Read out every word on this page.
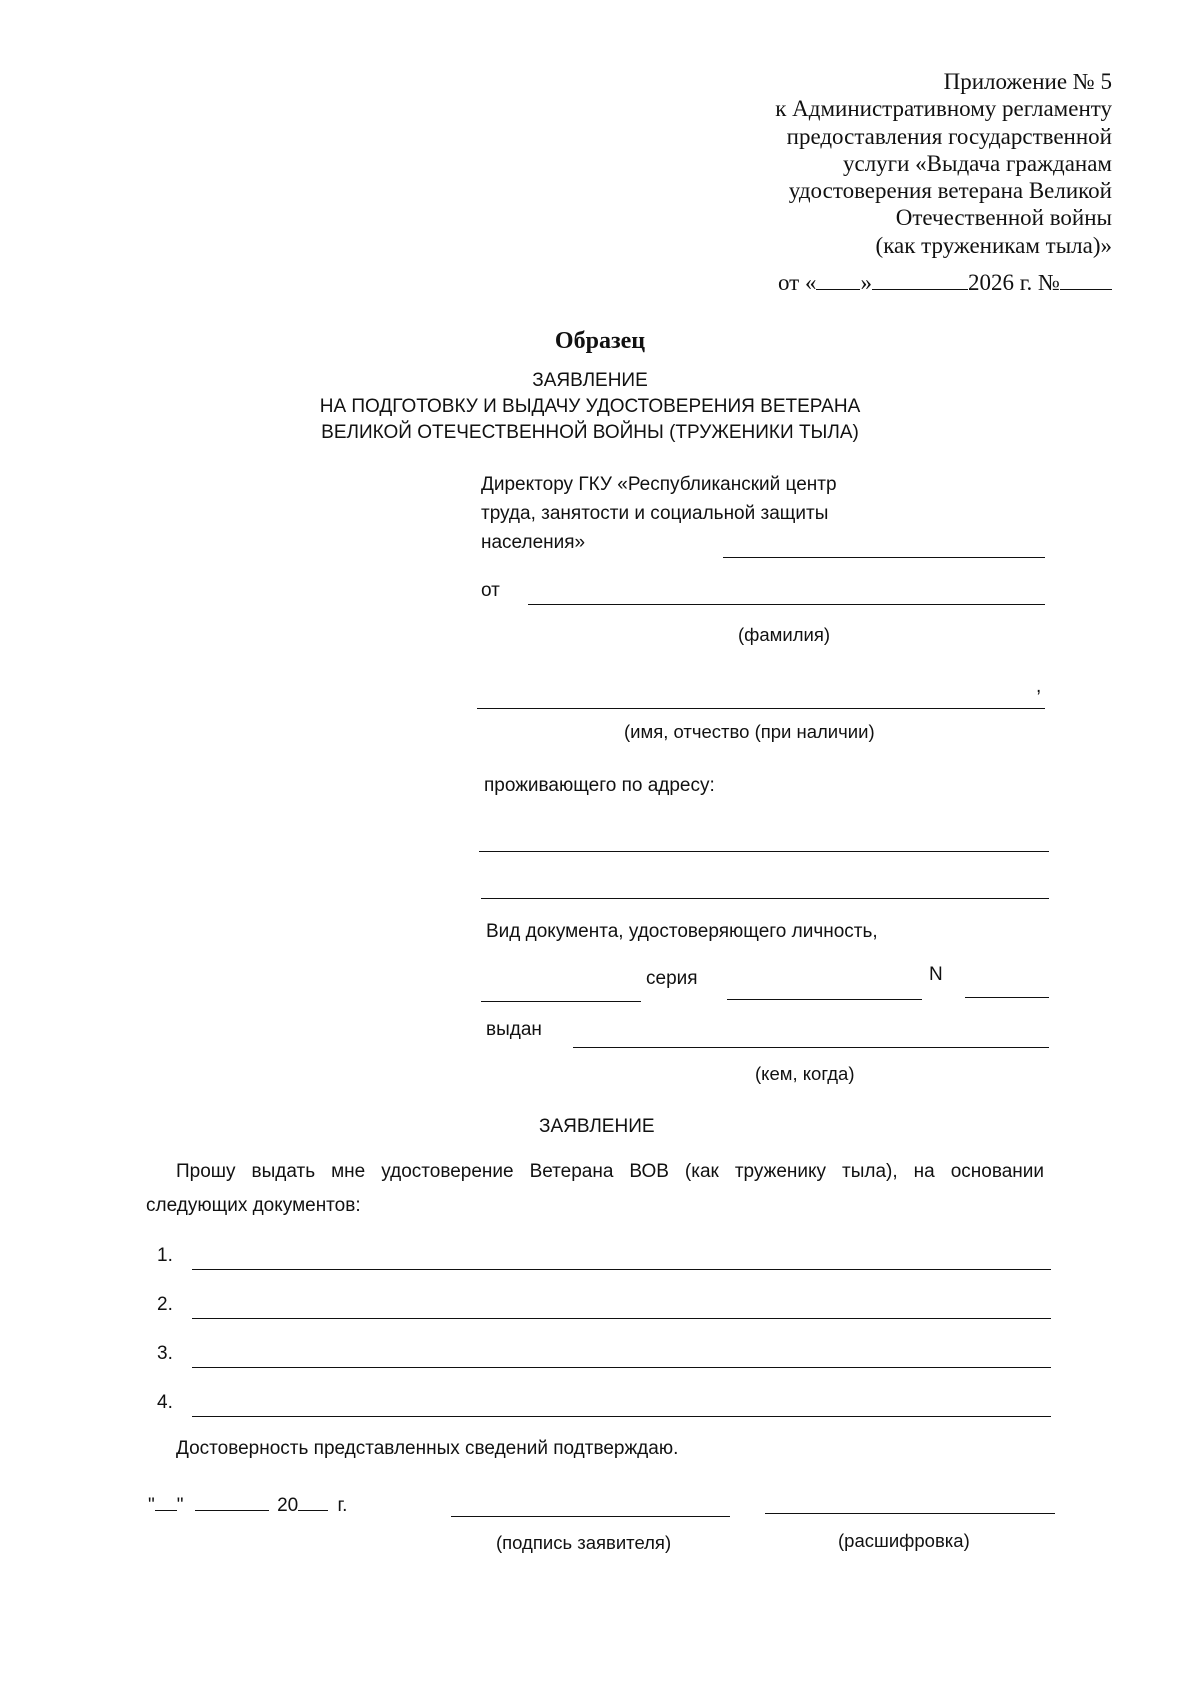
Приложение № 5
к Административному регламенту
предоставления государственной
услуги «Выдача гражданам
удостоверения ветерана Великой
Отечественной войны
(как труженикам тыла)»
от « »	2026 г. №
Образец
ЗАЯВЛЕНИЕ
НА ПОДГОТОВКУ И ВЫДАЧУ УДОСТОВЕРЕНИЯ ВЕТЕРАНА
ВЕЛИКОЙ ОТЕЧЕСТВЕННОЙ ВОЙНЫ (ТРУЖЕНИКИ ТЫЛА)
Директору ГКУ «Республиканский центр
труда, занятости и социальной защиты
населения»
от
(фамилия)
,
(имя, отчество (при наличии)
проживающего по адресу:
Вид документа, удостоверяющего личность,
серия	N
выдан
(кем, когда)
ЗАЯВЛЕНИЕ
Прошу выдать мне удостоверение Ветерана ВОВ (как труженику тыла), на основании
следующих документов:
1.
2.
3.
4.
Достоверность представленных сведений подтверждаю.
" "	20 г.
(подпись заявителя)	(расшифровка)
